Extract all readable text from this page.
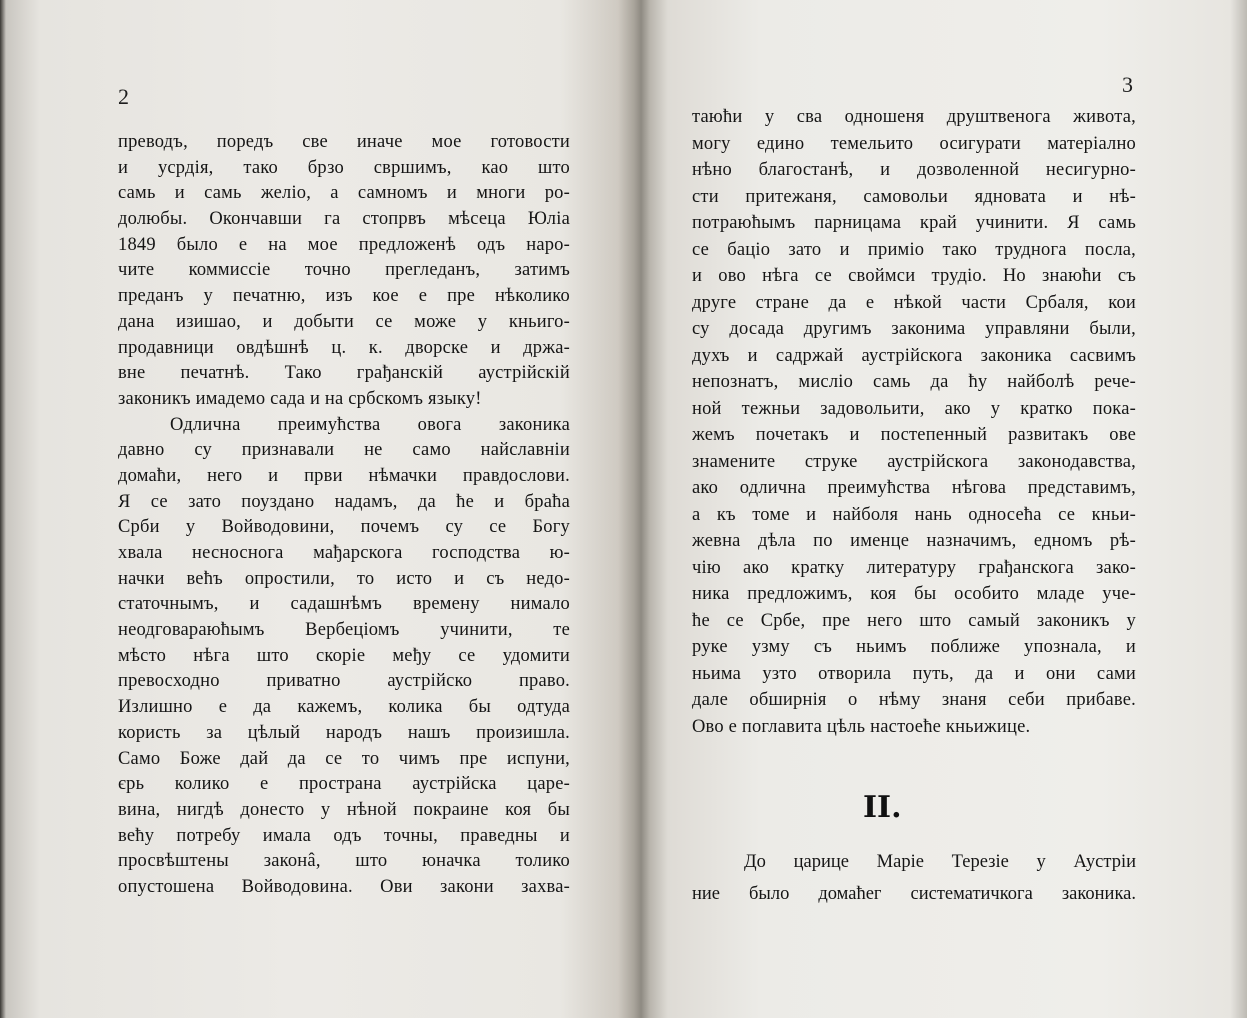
2
преводъ, поредъ све иначе мое готовости
и усрдія, тако брзо свршимъ, као што
самь и самь желіо, а самномъ и многи ро-
долюбы. Окончавши га стопрвъ мѣсеца Юліа
1849 было е на мое предложенѣ одъ наро-
чите коммиссіе точно прегледанъ, затимъ
преданъ у печатню, изъ кое е пре нѣколико
дана изишао, и добыти се може у кньиго-
продавници овдѣшнѣ ц. к. дворске и држа-
вне печатнѣ. Тако грађанскій аустрійскій
законикъ имадемо сада и на србскомъ языку!
Одлична преимућства овога законика
давно су признавали не само найславніи
домаћи, него и први нѣмачки правдослови.
Я се зато поуздано надамъ, да ће и браћа
Срби у Войводовини, почемъ су се Богу
хвала несносногa мађарскогa господства ю-
начки већъ опростили, то исто и съ недо-
статочнымъ, и садашнѣмъ времену нимало
неодговараюћымъ Вербеціомъ учинити, те
мѣсто нѣга што скоріе међу се удомити
превосходно приватно аустрійско право.
Излишно е да кажемъ, колика бы одтуда
користь за цѣлый народъ нашъ произишла.
Само Боже дай да се то чимъ пре испуни,
єрь колико е пространа аустрійска царе-
вина, нигдѣ донесто у нѣной покраине коя бы
већу потребу имала одъ точны, праведны и
просвѣштены законâ, што юначка толико
опустошена Войводовина. Ови закони захва-
3
таюћи у сва одношеня друштвеногa живота,
могу едино темельито осигурати матеріално
нѣно благостанѣ, и дозволенной несигурно-
сти притежаня, самовольи ядновата и нѣ-
потраюћымъ парницама крaй учинити. Я самь
се бацiо зато и примio тако труднога посла,
и ово нѣга се своймси трудіо. Но знаюћи съ
друге стране да е нѣкой части Србаля, кои
су досада другимъ законима управляни были,
духъ и садржай аустрійскогa законика сасвимъ
непознатъ, мислio самь да ћу найболѣ рече-
ной тежньи задовольити, ако у кратко пока-
жемъ почетакъ и постепенный развитакъ ове
знамените струке аустрійскогa законодавства,
ако одлична преимућства нѣгова представимъ,
а къ томе и найболя нань односећа се кньи-
жевна дѣла по именце назначимъ, едномъ рѣ-
чію ако кратку литературу грађанскогa зако-
ника предложимъ, коя бы особито младе уче-
ће се Србе, пре него што самый законикъ у
руке узму съ ньимъ поближе упознала, и
ньима узто отворила путь, да и они сами
дале обширнiя о нѣму знаня себи прибаве.
Ово е поглавита цѣль настоеће кньижице.
II.
До царице Маріе Терезіе у Аустріи
ние было домаћег систематичкогa законика.
